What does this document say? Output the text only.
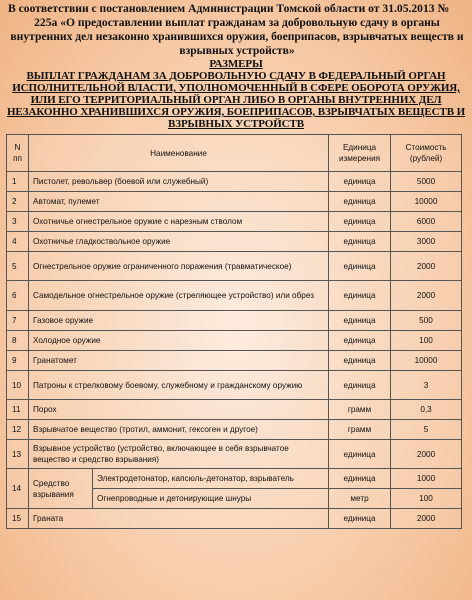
В соответствии с постановлением Администрации Томской области от 31.05.2013 №
225а «О предоставлении выплат гражданам за добровольную сдачу в органы внутренних дел незаконно хранившихся оружия, боеприпасов, взрывчатых веществ и взрывных устройств»
РАЗМЕРЫ
ВЫПЛАТ ГРАЖДАНАМ ЗА ДОБРОВОЛЬНУЮ СДАЧУ В ФЕДЕРАЛЬНЫЙ ОРГАН ИСПОЛНИТЕЛЬНОЙ ВЛАСТИ, УПОЛНОМОЧЕННЫЙ В СФЕРЕ ОБОРОТА ОРУЖИЯ, ИЛИ ЕГО ТЕРРИТОРИАЛЬНЫЙ ОРГАН ЛИБО В ОРГАНЫ ВНУТРЕННИХ ДЕЛ НЕЗАКОННО ХРАНИВШИХСЯ ОРУЖИЯ, БОЕПРИПАСОВ, ВЗРЫВЧАТЫХ ВЕЩЕСТВ И ВЗРЫВНЫХ УСТРОЙСТВ
N пп	Наименование		Единица измерения	Стоимость (рублей)
1	Пистолет, револьвер (боевой или служебный)		единица	5000
2	Автомат, пулемет		единица	10000
3	Охотничье огнестрельное оружие с нарезным стволом		единица	6000
4	Охотничье гладкоствольное оружие		единица	3000
5	Огнестрельное оружие ограниченного поражения (травматическое)		единица	2000
6	Самодельное огнестрельное оружие (стреляющее устройство) или обрез		единица	2000
7	Газовое оружие		единица	500
8	Холодное оружие		единица	100
9	Гранатомет		единица	10000
10	Патроны к стрелковому боевому, служебному и гражданскому оружию		единица	3
11	Порох		грамм	0,3
12	Взрывчатое вещество (тротил, аммонит, гексоген и другое)		грамм	5
13	Взрывное устройство (устройство, включающее в себя взрывчатое вещество и средство взрывания)		единица	2000
14	Средство взрывания	Электродетонатор, капсюль-детонатор, взрыватель	единица	1000
		Огнепроводные и детонирующие шнуры	метр	100
15	Граната		единица	2000
